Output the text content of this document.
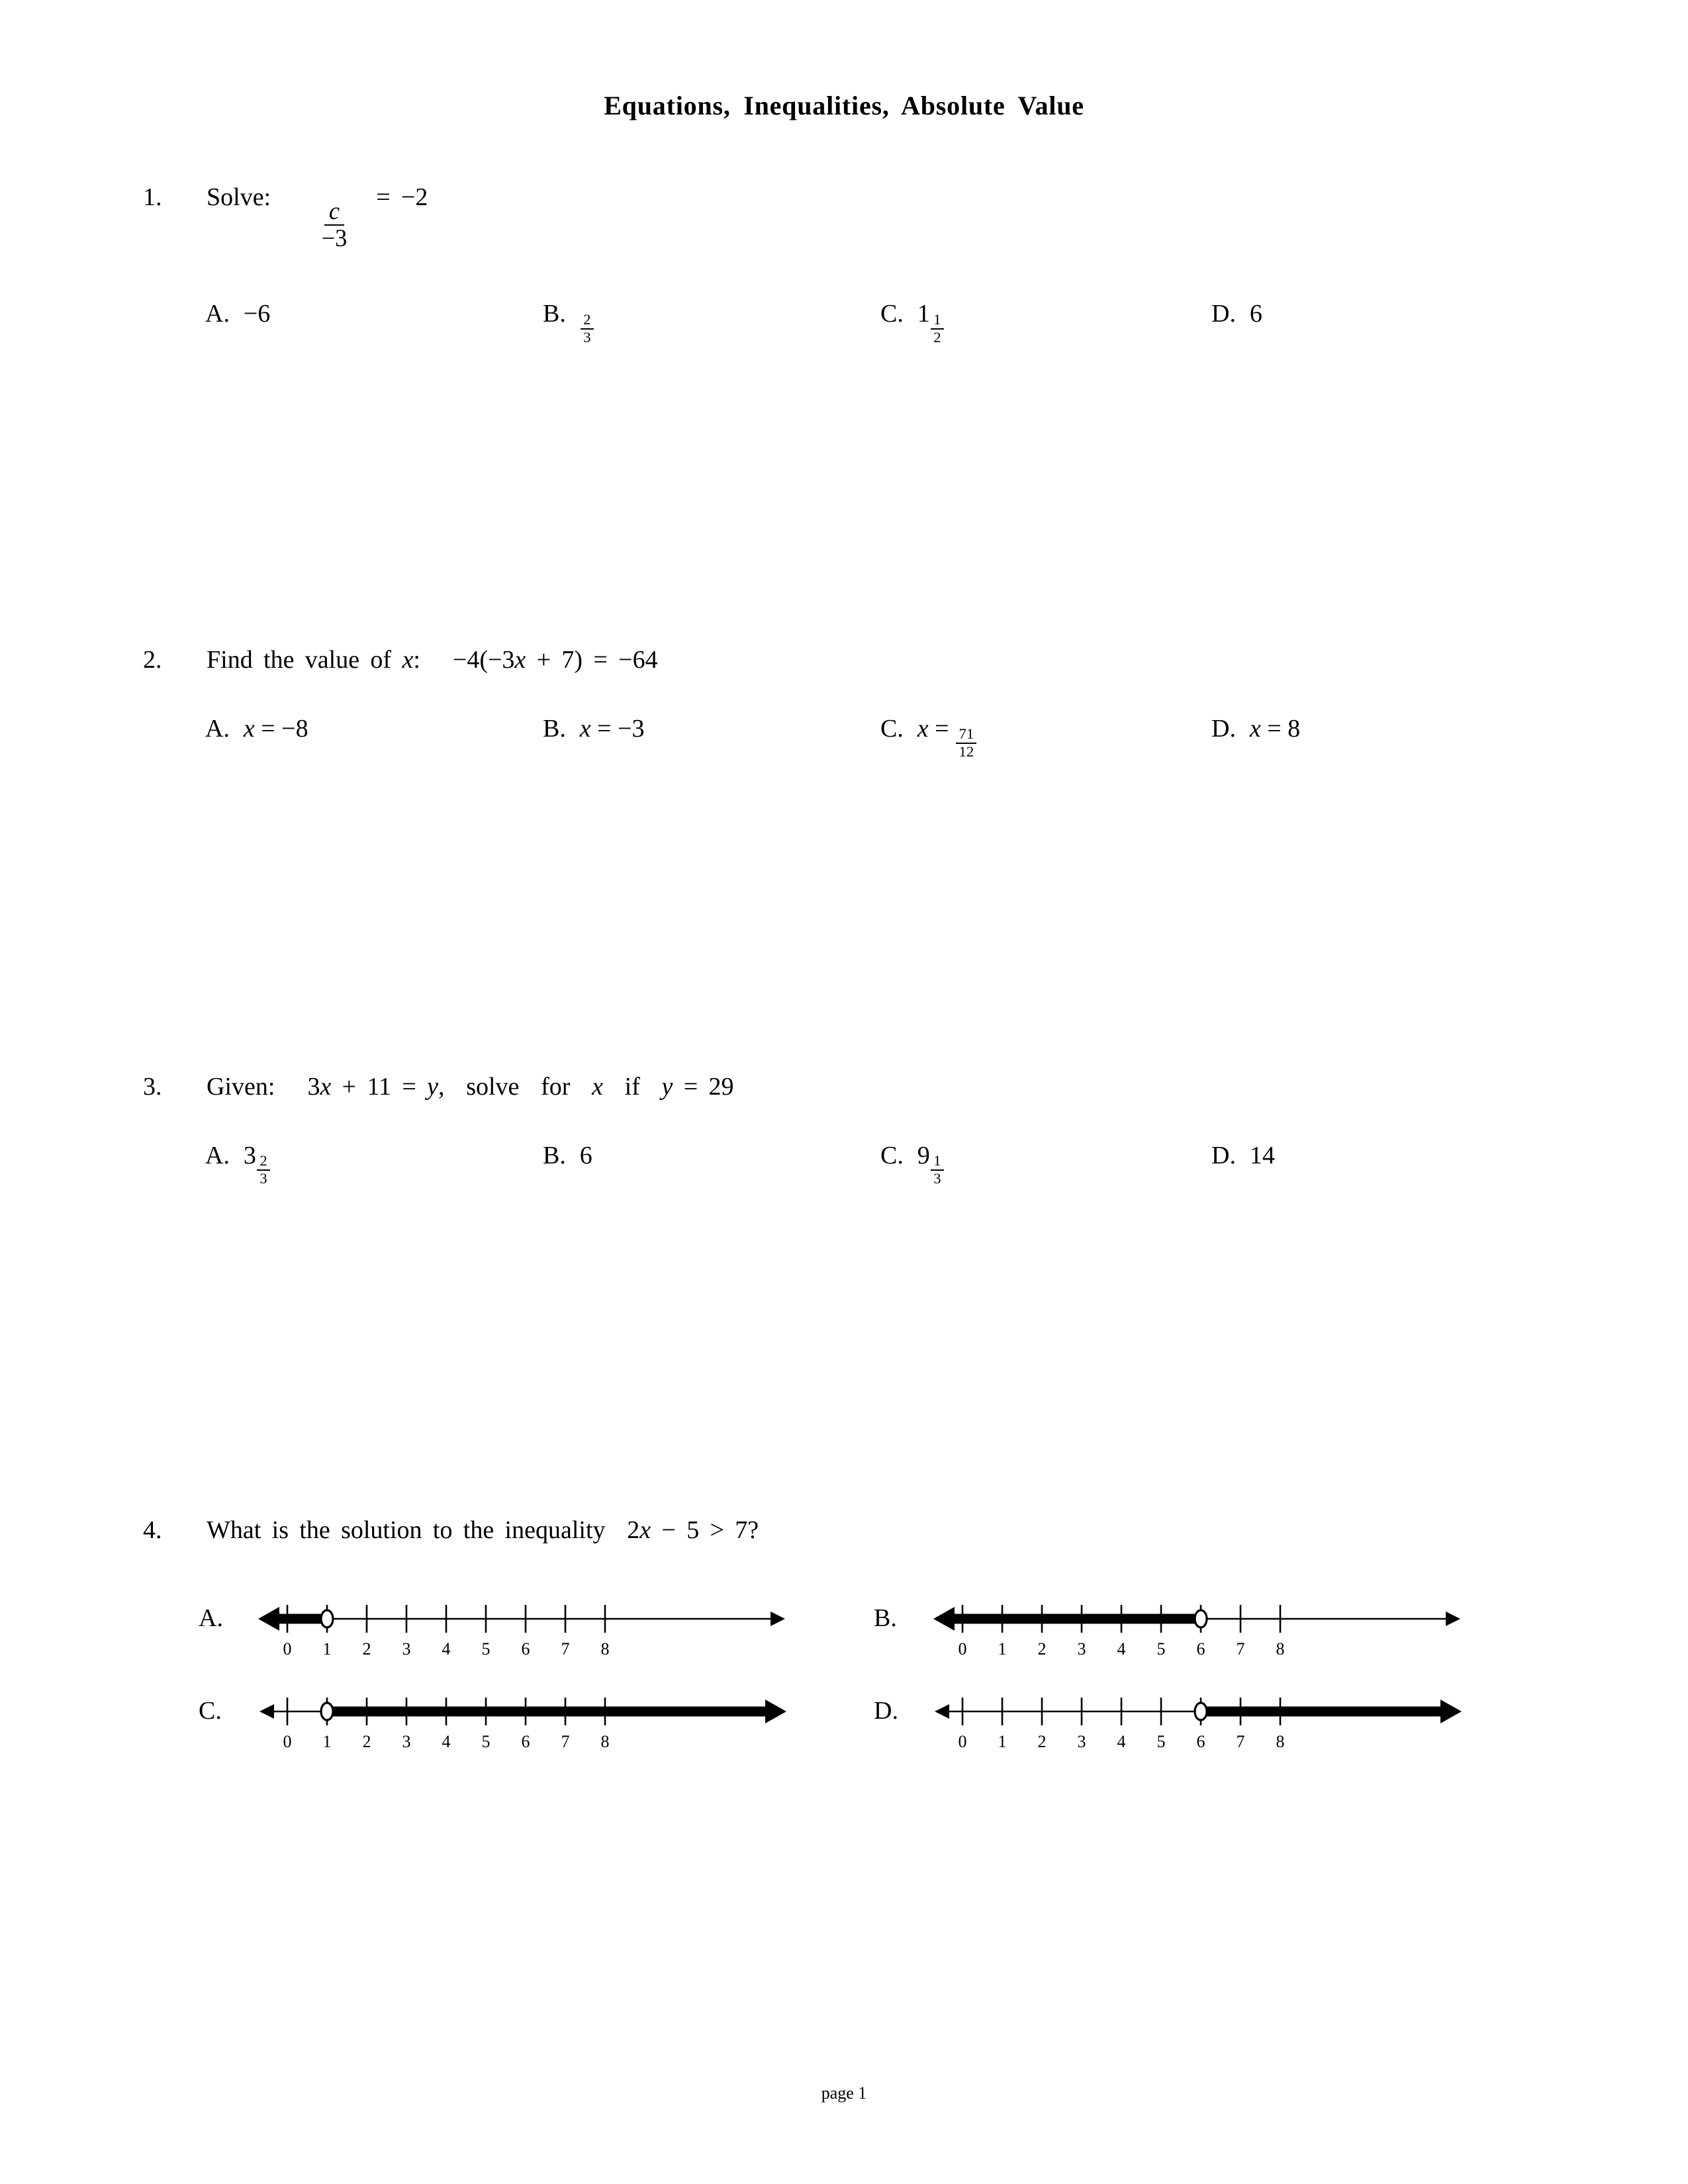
Equations, Inequalities, Absolute Value
1.	Solve:
$\frac{c}{-3}$
= −2
A. −6	B. $\frac{2}{3}$	C. $1 \frac{1}{2}$	D. 6
2.	Find the value of x:   −4(−3x + 7) = −64
A. x = −8	B. x = −3	C. $x = \frac{71}{12}$	D. x = 8
3.	Given: 3x + 11 = y,  solve  for  x  if  y = 29
A. $3 \frac{2}{3}$	B. 6	C. $9 \frac{1}{3}$	D. 14
4.	What is the solution to the inequality 2x − 5 > 7?
A.
0 1 2 3 4 5 6 7 8
B.
0 1 2 3 4 5 6 7 8
C.
0 1 2 3 4 5 6 7 8
D.
0 1 2 3 4 5 6 7 8
page 1
